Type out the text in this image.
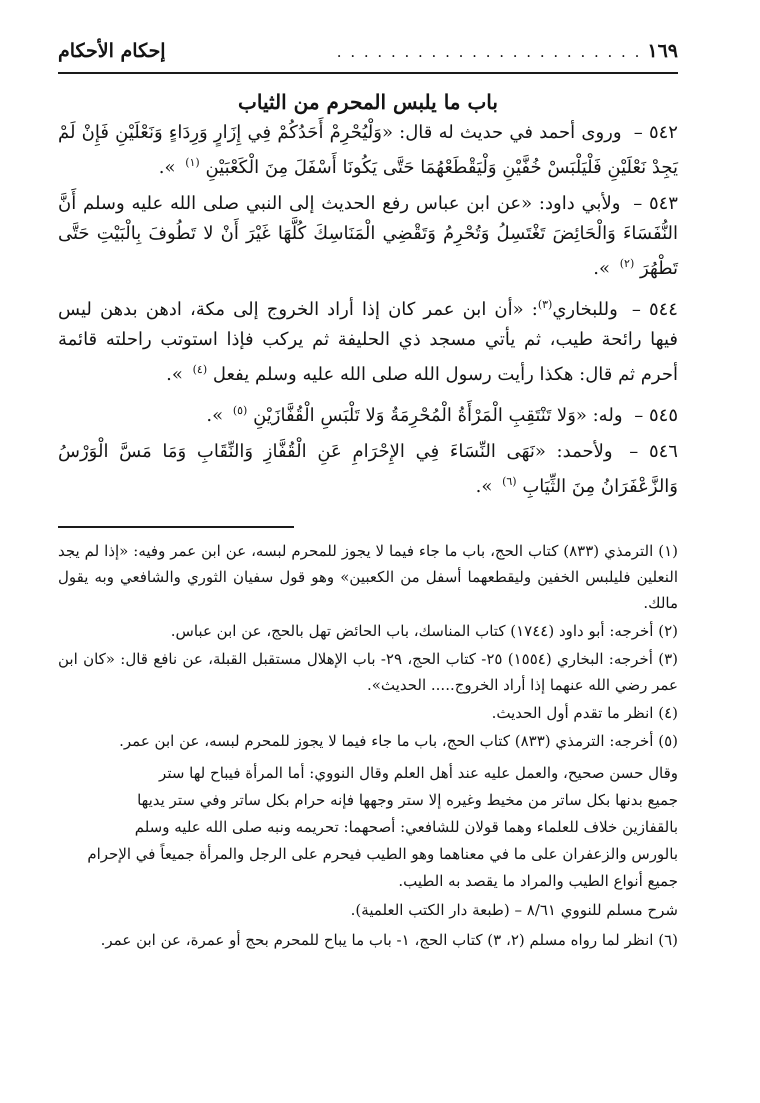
١٦٩
. . . . . . . . . . . . . . . . . . . . . . .
إحكام الأحكام
باب ما يلبس المحرم من الثياب

٥٤٢ – وروى أحمد في حديث له قال: «وَلْيُحْرِمْ أَحَدُكُمْ فِي إِزَارٍ وَرِدَاءٍ وَنَعْلَيْنِ فَإِنْ لَمْ يَجِدْ نَعْلَيْنِ فَلْيَلْبَسْ خُفَّيْنِ وَلْيَقْطَعْهُمَا حَتَّى يَكُونَا أَسْفَلَ مِنَ الْكَعْبَيْنِ $^{(١)}$ ».

٥٤٣ – ولأبي داود: «عن ابن عباس رفع الحديث إلى النبي صلى الله عليه وسلم أَنَّ النُّفَسَاءَ وَالْحَائِضَ تَغْتَسِلُ وَتُحْرِمُ وَتَقْضِي الْمَنَاسِكَ كُلَّهَا غَيْرَ أَنْ لا تَطُوفَ بِالْبَيْتِ حَتَّى تَطْهُرَ $^{(٢)}$ ».

٥٤٤ – وللبخاري$^{(٣)}$: «أن ابن عمر كان إذا أراد الخروج إلى مكة، ادهن بدهن ليس فيها رائحة طيب، ثم يأتي مسجد ذي الحليفة ثم يركب فإذا استوتب راحلته قائمة أحرم ثم قال: هكذا رأيت رسول الله صلى الله عليه وسلم يفعل $^{(٤)}$ ».

٥٤٥ – وله: «وَلا تَنْتَقِبِ الْمَرْأَةُ الْمُحْرِمَةُ وَلا تَلْبَسِ الْقُفَّازَيْنِ $^{(٥)}$ ».

٥٤٦ – ولأحمد: «نَهَى النِّسَاءَ فِي الإِحْرَامِ عَنِ الْقُفَّازِ وَالنِّقَابِ وَمَا مَسَّ الْوَرْسُ وَالزَّعْفَرَانُ مِنَ الثِّيَابِ $^{(٦)}$ ».

(١) الترمذي (٨٣٣) كتاب الحج، باب ما جاء فيما لا يجوز للمحرم لبسه، عن ابن عمر وفيه: «إذا لم يجد النعلين فليلبس الخفين وليقطعهما أسفل من الكعبين» وهو قول سفيان الثوري والشافعي وبه يقول مالك.

(٢) أخرجه: أبو داود (١٧٤٤) كتاب المناسك، باب الحائض تهل بالحج، عن ابن عباس.

(٣) أخرجه: البخاري (١٥٥٤) ٢٥- كتاب الحج، ٢٩- باب الإهلال مستقبل القبلة، عن نافع قال: «كان ابن عمر رضي الله عنهما إذا أراد الخروج..... الحديث».

(٤) انظر ما تقدم أول الحديث.

(٥) أخرجه: الترمذي (٨٣٣) كتاب الحج، باب ما جاء فيما لا يجوز للمحرم لبسه، عن ابن عمر.

وقال حسن صحيح، والعمل عليه عند أهل العلم وقال النووي: أما المرأة فيباح لها ستر
جميع بدنها بكل ساتر من مخيط وغيره إلا ستر وجهها فإنه حرام بكل ساتر وفي ستر يديها
بالقفازين خلاف للعلماء وهما قولان للشافعي: أصحهما: تحريمه ونبه صلى الله عليه وسلم
بالورس والزعفران على ما في معناهما وهو الطيب فيحرم على الرجل والمرأة جميعاً في الإحرام
جميع أنواع الطيب والمراد ما يقصد به الطيب.

شرح مسلم للنووي ٨/٦١ – (طبعة دار الكتب العلمية).

(٦) انظر لما رواه مسلم (٢، ٣) كتاب الحج، ١- باب ما يباح للمحرم بحج أو عمرة، عن ابن عمر.
